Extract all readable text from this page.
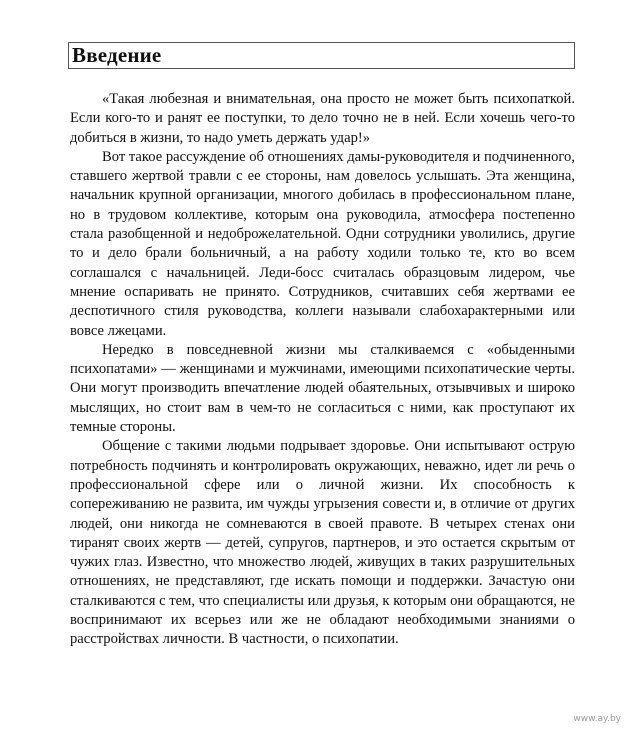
Введение

«Такая любезная и внимательная, она просто не может быть психопаткой. Если кого-то и ранят ее поступки, то дело точно не в ней. Если хочешь чего-то добиться в жизни, то надо уметь держать удар!»

Вот такое рассуждение об отношениях дамы-руководителя и подчиненного, ставшего жертвой травли с ее стороны, нам довелось услышать. Эта женщина, начальник крупной организации, многого добилась в профессиональном плане, но в трудовом коллективе, которым она руководила, атмосфера постепенно стала разобщенной и недоброжелательной. Одни сотрудники уволились, другие то и дело брали больничный, а на работу ходили только те, кто во всем соглашался с начальницей. Леди-босс считалась образцовым лидером, чье мнение оспаривать не принято. Сотрудников, считавших себя жертвами ее деспотичного стиля руководства, коллеги называли слабохарактерными или вовсе лжецами.

Нередко в повседневной жизни мы сталкиваемся с «обыденными психопатами» — женщинами и мужчинами, имеющими психопатические черты. Они могут производить впечатление людей обаятельных, отзывчивых и широко мыслящих, но стоит вам в чем-то не согласиться с ними, как проступают их темные стороны.

Общение с такими людьми подрывает здоровье. Они испытывают острую потребность подчинять и контролировать окружающих, неважно, идет ли речь о профессиональной сфере или о личной жизни. Их способность к сопереживанию не развита, им чужды угрызения совести и, в отличие от других людей, они никогда не сомневаются в своей правоте. В четырех стенах они тиранят своих жертв — детей, супругов, партнеров, и это остается скрытым от чужих глаз. Известно, что множество людей, живущих в таких разрушительных отношениях, не представляют, где искать помощи и поддержки. Зачастую они сталкиваются с тем, что специалисты или друзья, к которым они обращаются, не воспринимают их всерьез или же не обладают необходимыми знаниями о расстройствах личности. В частности, о психопатии.

www.ay.by
